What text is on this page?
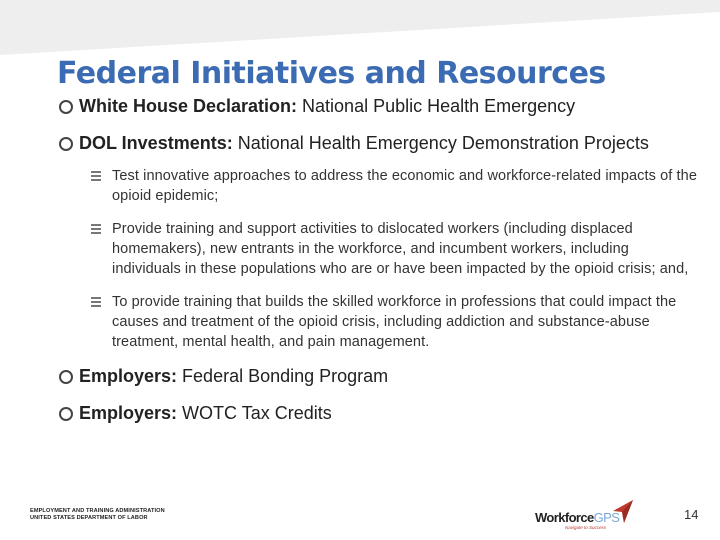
Federal Initiatives and Resources
White House Declaration: National Public Health Emergency
DOL Investments: National Health Emergency Demonstration Projects
Test innovative approaches to address the economic and workforce-related impacts of the opioid epidemic;
Provide training and support activities to dislocated workers (including displaced homemakers), new entrants in the workforce, and incumbent workers, including individuals in these populations who are or have been impacted by the opioid crisis; and,
To provide training that builds the skilled workforce in professions that could impact the causes and treatment of the opioid crisis, including addiction and substance-abuse treatment, mental health, and pain management.
Employers: Federal Bonding Program
Employers: WOTC Tax Credits
EMPLOYMENT AND TRAINING ADMINISTRATION
UNITED STATES DEPARTMENT OF LABOR	WorkforceGPS
Navigate to Success
14
